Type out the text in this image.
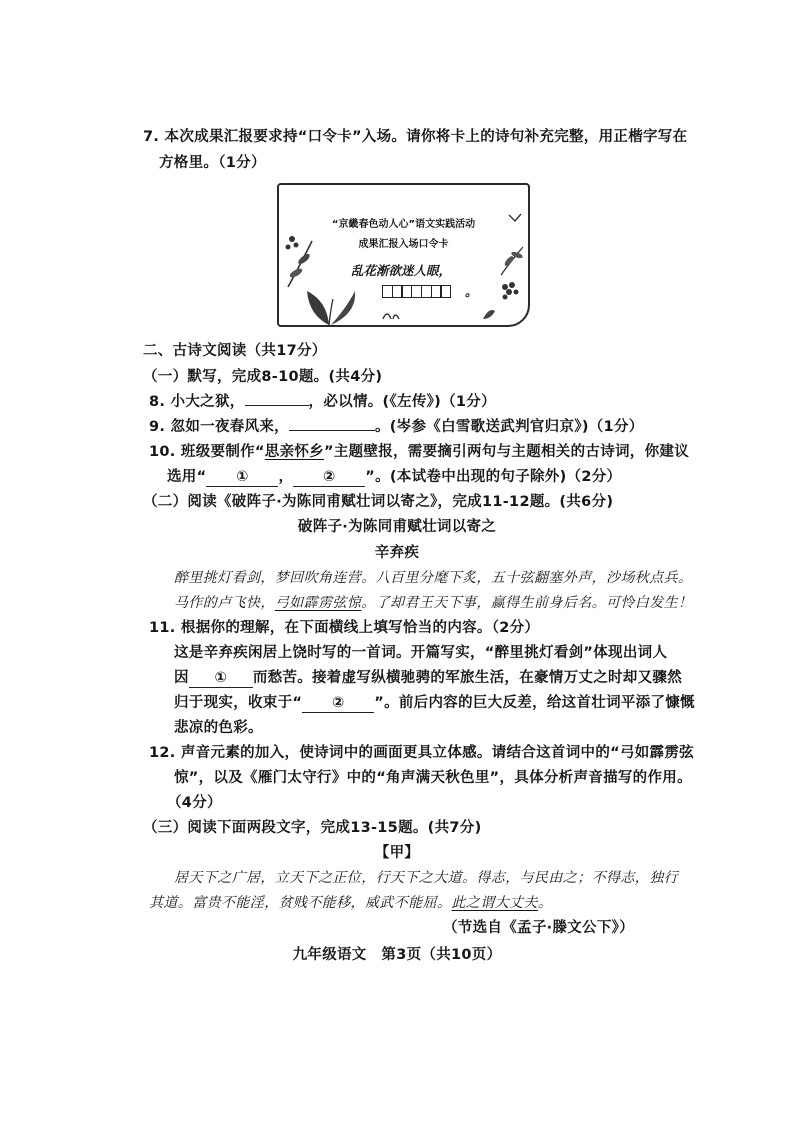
7. 本次成果汇报要求持“口令卡”入场。请你将卡上的诗句补充完整，用正楷字写在
方格里。（1分）
“京畿春色动人心”语文实践活动
成果汇报入场口令卡
乱花渐欲迷人眼，
。
二、古诗文阅读（共17分）
（一）默写，完成8-10题。(共4分)
8. 小大之狱，	，必以情。(《左传》)（1分）
9. 忽如一夜春风来，	。(岑参《白雪歌送武判官归京》)（1分）
10. 班级要制作“思亲怀乡”主题壁报，需要摘引两句与主题相关的古诗词，你建议
选用“ ① ， ② ”。(本试卷中出现的句子除外)（2分）
（二）阅读《破阵子·为陈同甫赋壮词以寄之》，完成11-12题。(共6分)
破阵子·为陈同甫赋壮词以寄之
辛弃疾
醉里挑灯看剑，梦回吹角连营。八百里分麾下炙，五十弦翻塞外声，沙场秋点兵。
马作的卢飞快，弓如霹雳弦惊。了却君王天下事，赢得生前身后名。可怜白发生！
11. 根据你的理解，在下面横线上填写恰当的内容。（2分）
这是辛弃疾闲居上饶时写的一首词。开篇写实，“醉里挑灯看剑”体现出词人
因 ① 而愁苦。接着虚写纵横驰骋的军旅生活，在豪情万丈之时却又骤然
归于现实，收束于“ ② ”。前后内容的巨大反差，给这首壮词平添了慷慨
悲凉的色彩。
12. 声音元素的加入，使诗词中的画面更具立体感。请结合这首词中的“弓如霹雳弦
惊”，以及《雁门太守行》中的“角声满天秋色里”，具体分析声音描写的作用。
（4分）
（三）阅读下面两段文字，完成13-15题。(共7分)
【甲】
居天下之广居，立天下之正位，行天下之大道。得志，与民由之；不得志，独行
其道。富贵不能淫，贫贱不能移，威武不能屈。此之谓大丈夫。
（节选自《孟子·滕文公下》）
九年级语文　第3页（共10页）
